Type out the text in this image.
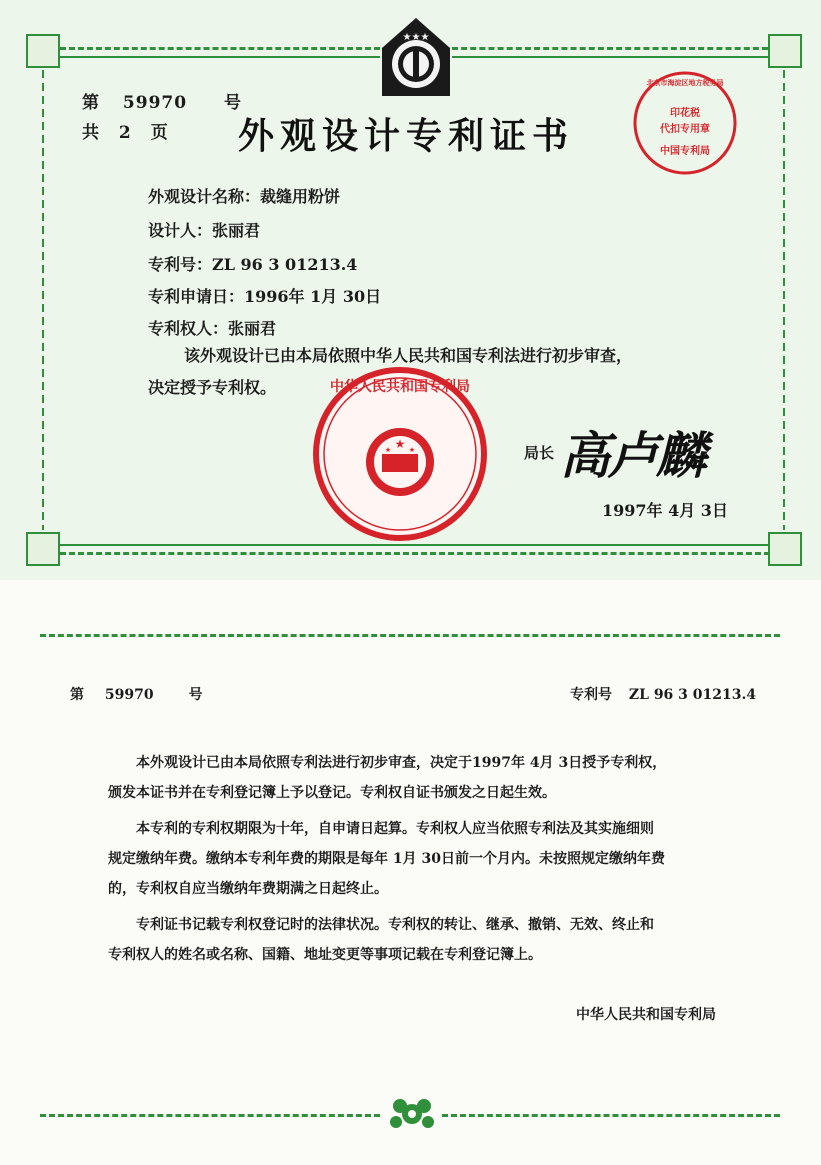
★★★
第 59970 号
共 2 页 外观设计专利证书
北京市海淀区地方税务局
印花税
代扣专用章
中国专利局
外观设计名称：裁缝用粉饼
设计人：张丽君
专利号：ZL 96 3 01213.4
专利申请日：1996年 1月 30日
专利权人：张丽君
该外观设计已由本局依照中华人民共和国专利法进行初步审查，
决定授予专利权。
★
★	★
中华人民共和国专利局
局长 高卢麟
1997年 4月 3日
第 59970 号	专利号 ZL 96 3 01213.4
本外观设计已由本局依照专利法进行初步审查，决定于1997年 4月 3日授予专利权，
颁发本证书并在专利登记簿上予以登记。专利权自证书颁发之日起生效。
本专利的专利权期限为十年，自申请日起算。专利权人应当依照专利法及其实施细则
规定缴纳年费。缴纳本专利年费的期限是每年 1月 30日前一个月内。未按照规定缴纳年费
的，专利权自应当缴纳年费期满之日起终止。
专利证书记载专利权登记时的法律状况。专利权的转让、继承、撤销、无效、终止和
专利权人的姓名或名称、国籍、地址变更等事项记载在专利登记簿上。
中华人民共和国专利局
